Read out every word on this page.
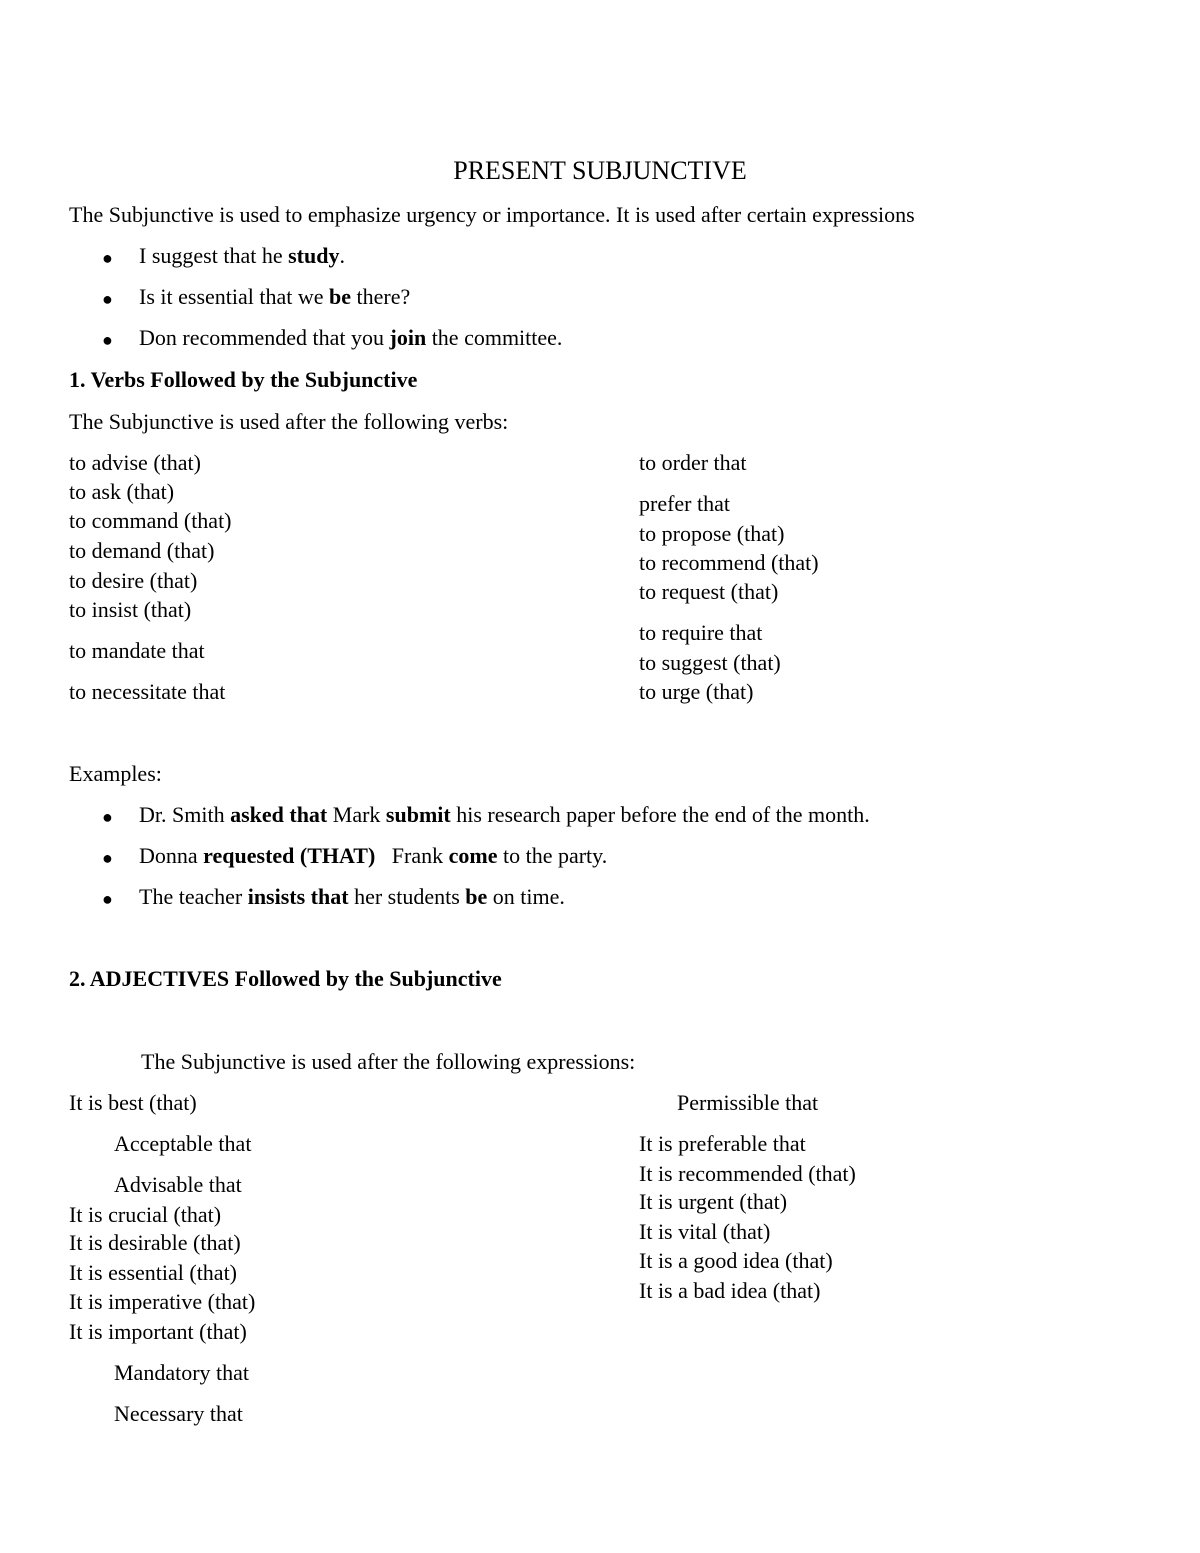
PRESENT SUBJUNCTIVE
The Subjunctive is used to emphasize urgency or importance. It is used after certain expressions
● I suggest that he study.
● Is it essential that we be there?
● Don recommended that you join the committee.
1. Verbs Followed by the Subjunctive
The Subjunctive is used after the following verbs:
to advise (that)
to ask (that)
to command (that)
to demand (that)
to desire (that)
to insist (that)
to mandate that
to necessitate that
to order that
prefer that
to propose (that)
to recommend (that)
to request (that)
to require that
to suggest (that)
to urge (that)
Examples:
● Dr. Smith asked that Mark submit his research paper before the end of the month.
● Donna requested (THAT)   Frank come to the party.
● The teacher insists that her students be on time.
2. ADJECTIVES Followed by the Subjunctive
The Subjunctive is used after the following expressions:
It is best (that)
Acceptable that
Advisable that
It is crucial (that)
It is desirable (that)
It is essential (that)
It is imperative (that)
It is important (that)
Mandatory that
Necessary that
Permissible that
It is preferable that
It is recommended (that)
It is urgent (that)
It is vital (that)
It is a good idea (that)
It is a bad idea (that)
